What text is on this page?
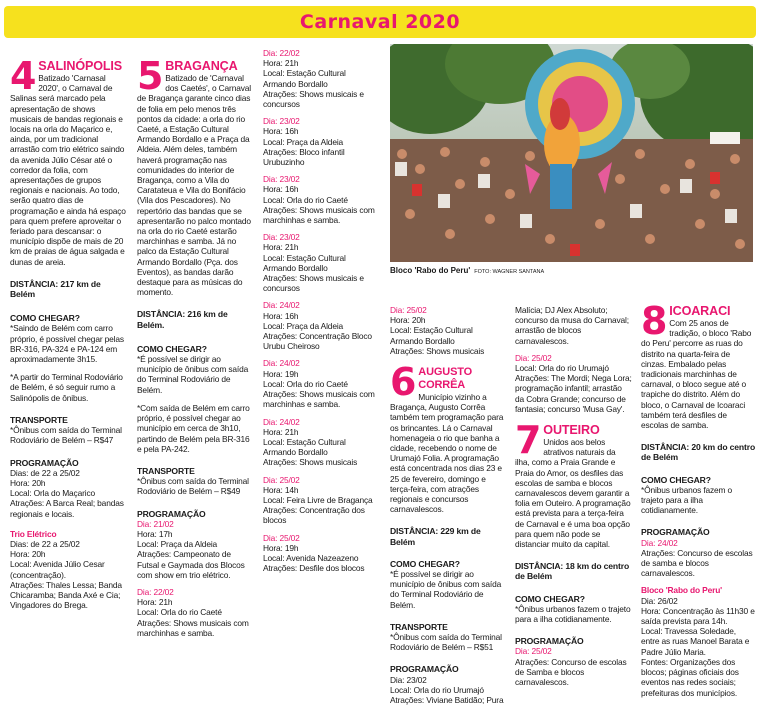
Carnaval 2020
4 SALINÓPOLIS
Batizado 'Carnasal 2020', o Carnaval de Salinas será marcado pela apresentação de shows musicais de bandas regionais e locais na orla do Maçarico e, ainda, por um tradicional arrastão com trio elétrico saindo da avenida Júlio César até o corredor da folia, com apresentações de grupos regionais e nacionais. Ao todo, serão quatro dias de programação e ainda há espaço para quem prefere aproveitar o feriado para descansar: o município dispõe de mais de 20 km de praias de água salgada e dunas de areia.
DISTÂNCIA: 217 km de Belém
COMO CHEGAR?
*Saindo de Belém com carro próprio, é possível chegar pelas BR-316, PA-324 e PA-124 em aproximadamente 3h15.
*A partir do Terminal Rodoviário de Belém, é só seguir rumo a Salinópolis de ônibus.
TRANSPORTE
*Ônibus com saída do Terminal Rodoviário de Belém – R$47
PROGRAMAÇÃO
Dias: de 22 a 25/02
Hora: 20h
Local: Orla do Maçarico
Atrações: A Barca Real; bandas regionais e locais.
Trio Elétrico
Dias: de 22 a 25/02
Hora: 20h
Local: Avenida Júlio Cesar (concentração).
Atrações: Thales Lessa; Banda Chicaramba; Banda Axé e Cia; Vingadores do Brega.
5 BRAGANÇA
Batizado de 'Carnaval dos Caetés', o Carnaval de Bragança garante cinco dias de folia em pelo menos três pontos da cidade: a orla do rio Caeté, a Estação Cultural Armando Bordallo e a Praça da Aldeia. Além deles, também haverá programação nas comunidades do interior de Bragança, como a Vila do Caratateua e Vila do Bonifácio (Vila dos Pescadores). No repertório das bandas que se apresentarão no palco montado na orla do rio Caeté estarão marchinhas e samba. Já no palco da Estação Cultural Armando Bordallo (Pça. dos Eventos), as bandas darão destaque para as músicas do momento.
DISTÂNCIA: 216 km de Belém.
COMO CHEGAR?
*É possível se dirigir ao município de ônibus com saída do Terminal Rodoviário de Belém.
*Com saída de Belém em carro próprio, é possível chegar ao município em cerca de 3h10, partindo de Belém pela BR-316 e pela PA-242.
TRANSPORTE
*Ônibus com saída do Terminal Rodoviário de Belém – R$49
PROGRAMAÇÃO
Dia: 21/02
Hora: 17h
Local: Praça da Aldeia
Atrações: Campeonato de Futsal e Gaymada dos Blocos com show em trio elétrico.
Dia: 22/02
Hora: 21h
Local: Orla do rio Caeté
Atrações: Shows musicais com marchinhas e samba.
Dia: 22/02
Hora: 21h
Local: Estação Cultural Armando Bordallo
Atrações: Shows musicais e concursos
Dia: 23/02
Hora: 16h
Local: Praça da Aldeia
Atrações: Bloco infantil Urubuzinho
Dia: 23/02
Hora: 16h
Local: Orla do rio Caeté
Atrações: Shows musicais com marchinhas e samba.
Dia: 23/02
Hora: 21h
Local: Estação Cultural Armando Bordallo
Atrações: Shows musicais e concursos
Dia: 24/02
Hora: 16h
Local: Praça da Aldeia
Atrações: Concentração Bloco Urubu Cheiroso
Dia: 24/02
Hora: 19h
Local: Orla do rio Caeté
Atrações: Shows musicais com marchinhas e samba.
Dia: 24/02
Hora: 21h
Local: Estação Cultural Armando Bordallo
Atrações: Shows musicais
Dia: 25/02
Hora: 14h
Local: Feira Livre de Bragança
Atrações: Concentração dos blocos
Dia: 25/02
Hora: 19h
Local: Avenida Nazeazeno
Atrações: Desfile dos blocos
Bloco 'Rabo do Peru' FOTO: WAGNER SANTANA
Dia: 25/02
Hora: 20h
Local: Estação Cultural Armando Bordallo
Atrações: Shows musicais
6 AUGUSTO CORRÊA
Município vizinho a Bragança, Augusto Corrêa também tem programação para os brincantes. Lá o Carnaval homenageia o rio que banha a cidade, recebendo o nome de Urumajó Folia. A programação está concentrada nos dias 23 e 25 de fevereiro, domingo e terça-feira, com atrações regionais e concursos carnavalescos.
DISTÂNCIA: 229 km de Belém
COMO CHEGAR?
*É possível se dirigir ao município de ônibus com saída do Terminal Rodoviário de Belém.
TRANSPORTE
*Ônibus com saída do Terminal Rodoviário de Belém – R$51
PROGRAMAÇÃO
Dia: 23/02
Local: Orla do rio Urumajó
Atrações: Viviane Batidão; Pura
Malícia; DJ Alex Absoluto; concurso da musa do Carnaval; arrastão de blocos carnavalescos.
Dia: 25/02
Local: Orla do rio Urumajó
Atrações: The Mordi; Nega Lora; programação infantil; arrastão da Cobra Grande; concurso de fantasia; concurso 'Musa Gay'.
7 OUTEIRO
Unidos aos belos atrativos naturais da ilha, como a Praia Grande e Praia do Amor, os desfiles das escolas de samba e blocos carnavalescos devem garantir a folia em Outeiro. A programação está prevista para a terça-feira de Carnaval e é uma boa opção para quem não pode se distanciar muito da capital.
DISTÂNCIA: 18 km do centro de Belém
COMO CHEGAR?
*Ônibus urbanos fazem o trajeto para a ilha cotidianamente.
PROGRAMAÇÃO
Dia: 25/02
Atrações: Concurso de escolas de Samba e blocos carnavalescos.
8 ICOARACI
Com 25 anos de tradição, o bloco 'Rabo do Peru' percorre as ruas do distrito na quarta-feira de cinzas. Embalado pelas tradicionais marchinhas de carnaval, o bloco segue até o trapiche do distrito. Além do bloco, o Carnaval de Icoaraci também terá desfiles de escolas de samba.
DISTÂNCIA: 20 km do centro de Belém
COMO CHEGAR?
*Ônibus urbanos fazem o trajeto para a ilha cotidianamente.
PROGRAMAÇÃO
Dia: 24/02
Atrações: Concurso de escolas de samba e blocos carnavalescos.
Bloco 'Rabo do Peru'
Dia: 26/02
Hora: Concentração às 11h30 e saída prevista para 14h.
Local: Travessa Soledade, entre as ruas Manoel Barata e Padre Júlio Maria.
Fontes: Organizações dos blocos; páginas oficiais dos eventos nas redes sociais; prefeituras dos municípios.
